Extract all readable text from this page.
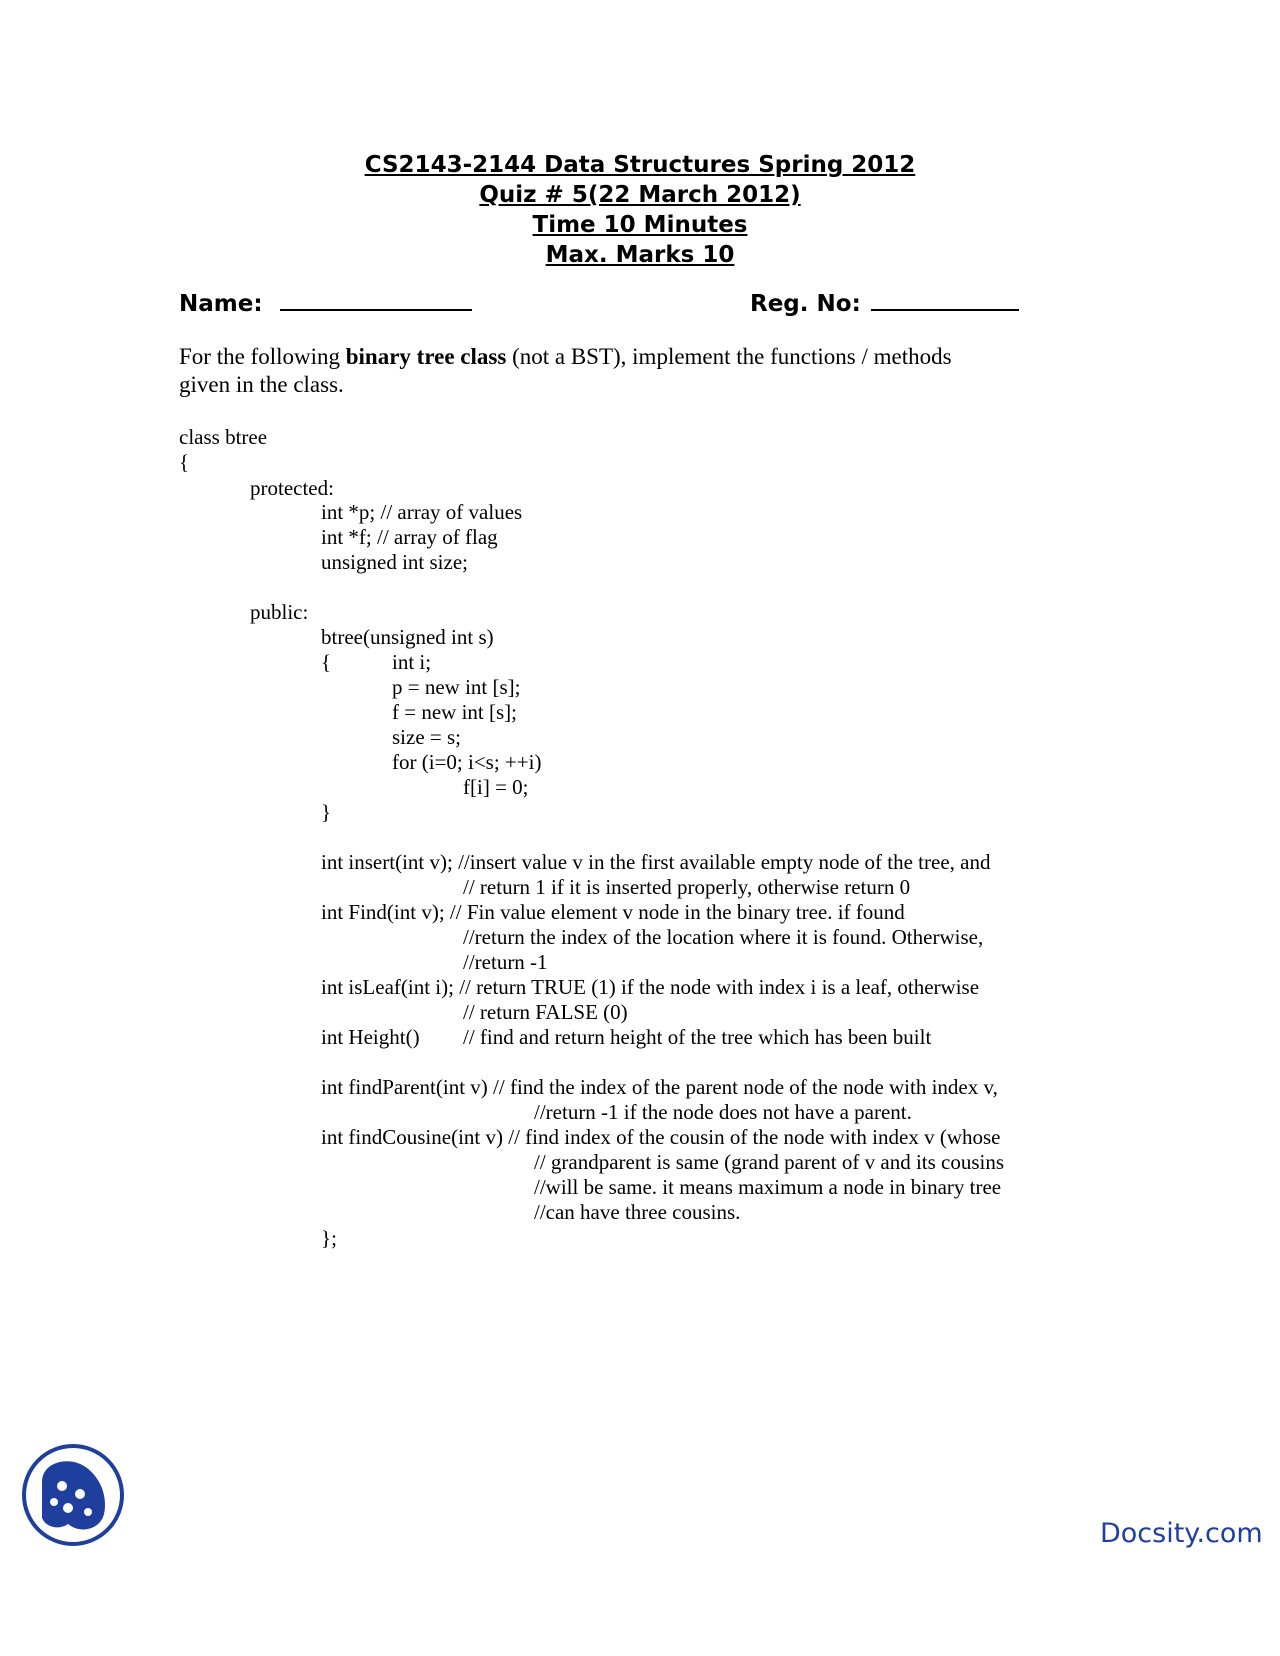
CS2143-2144 Data Structures Spring 2012
Quiz # 5(22 March 2012)
Time 10 Minutes
Max. Marks 10
Name:	Reg. No:
For the following binary tree class (not a BST), implement the functions / methods
given in the class.
class btree
{
protected:
int *p; // array of values
int *f; // array of flag
unsigned int size;
public:
btree(unsigned int s)
{	int i;
p = new int [s];
f = new int [s];
size = s;
for (i=0; i<s; ++i)
f[i] = 0;
}
int insert(int v); //insert value v in the first available empty node of the tree, and
// return 1 if it is inserted properly, otherwise return 0
int Find(int v); // Fin value element v node in the binary tree. if found
//return the index of the location where it is found. Otherwise,
//return -1
int isLeaf(int i); // return TRUE (1) if the node with index i is a leaf, otherwise
// return FALSE (0)
int Height() // find and return height of the tree which has been built
int findParent(int v) // find the index of the parent node of the node with index v,
//return -1 if the node does not have a parent.
int findCousine(int v) // find index of the cousin of the node with index v (whose
// grandparent is same (grand parent of v and its cousins
//will be same. it means maximum a node in binary tree
//can have three cousins.
};
Docsity.com
